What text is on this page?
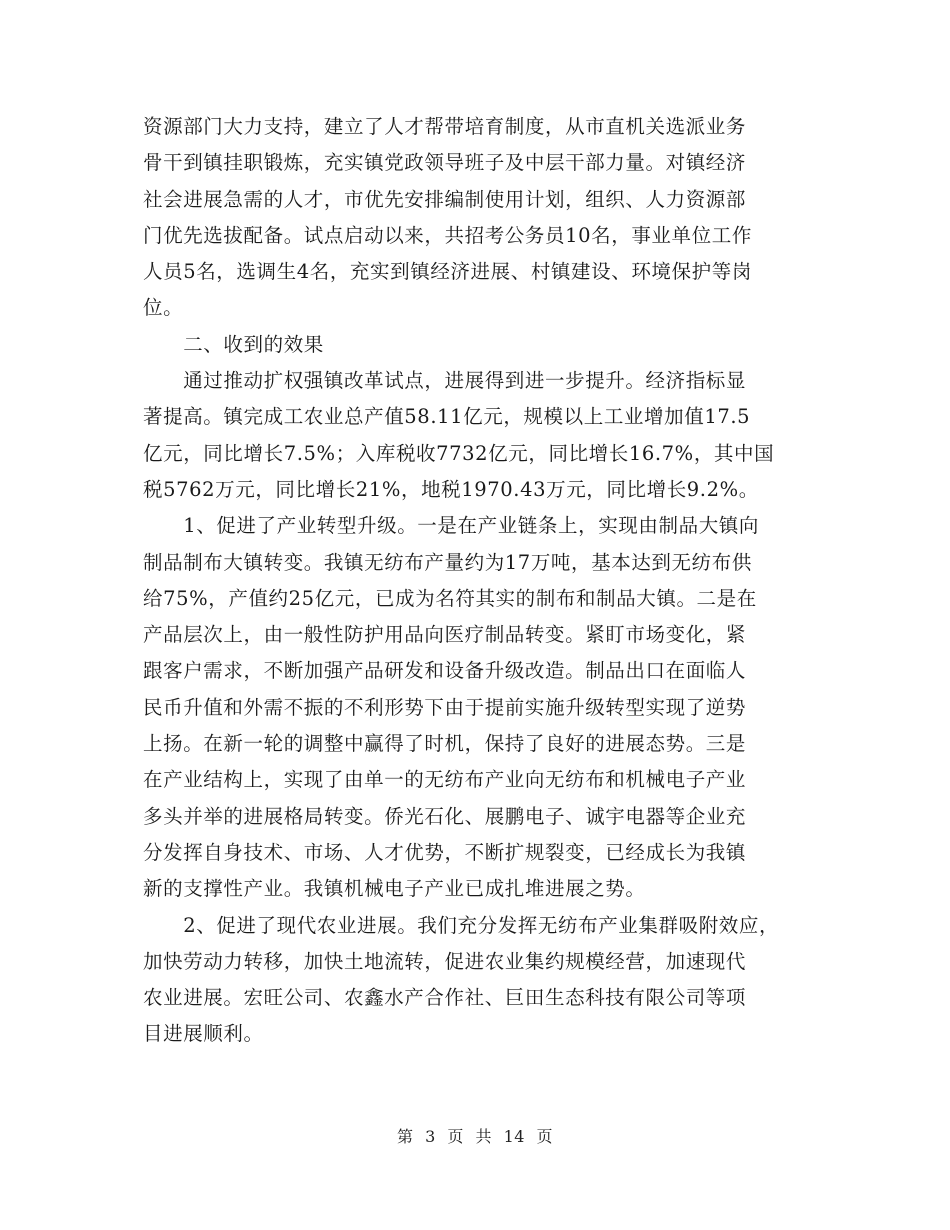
资源部门大力支持，建立了人才帮带培育制度，从市直机关选派业务
骨干到镇挂职锻炼，充实镇党政领导班子及中层干部力量。对镇经济
社会进展急需的人才，市优先安排编制使用计划，组织、人力资源部
门优先选拔配备。试点启动以来，共招考公务员10名，事业单位工作
人员5名，选调生4名，充实到镇经济进展、村镇建设、环境保护等岗
位。
　　二、收到的效果
　　通过推动扩权强镇改革试点，进展得到进一步提升。经济指标显
著提高。镇完成工农业总产值58.11亿元，规模以上工业增加值17.5
亿元，同比增长7.5%；入库税收7732亿元，同比增长16.7%，其中国
税5762万元，同比增长21%，地税1970.43万元，同比增长9.2%。
　　1、促进了产业转型升级。一是在产业链条上，实现由制品大镇向
制品制布大镇转变。我镇无纺布产量约为17万吨，基本达到无纺布供
给75%，产值约25亿元，已成为名符其实的制布和制品大镇。二是在
产品层次上，由一般性防护用品向医疗制品转变。紧盯市场变化，紧
跟客户需求，不断加强产品研发和设备升级改造。制品出口在面临人
民币升值和外需不振的不利形势下由于提前实施升级转型实现了逆势
上扬。在新一轮的调整中赢得了时机，保持了良好的进展态势。三是
在产业结构上，实现了由单一的无纺布产业向无纺布和机械电子产业
多头并举的进展格局转变。侨光石化、展鹏电子、诚宇电器等企业充
分发挥自身技术、市场、人才优势，不断扩规裂变，已经成长为我镇
新的支撑性产业。我镇机械电子产业已成扎堆进展之势。
　　2、促进了现代农业进展。我们充分发挥无纺布产业集群吸附效应，
加快劳动力转移，加快土地流转，促进农业集约规模经营，加速现代
农业进展。宏旺公司、农鑫水产合作社、巨田生态科技有限公司等项
目进展顺利。
第 3 页 共 14 页
